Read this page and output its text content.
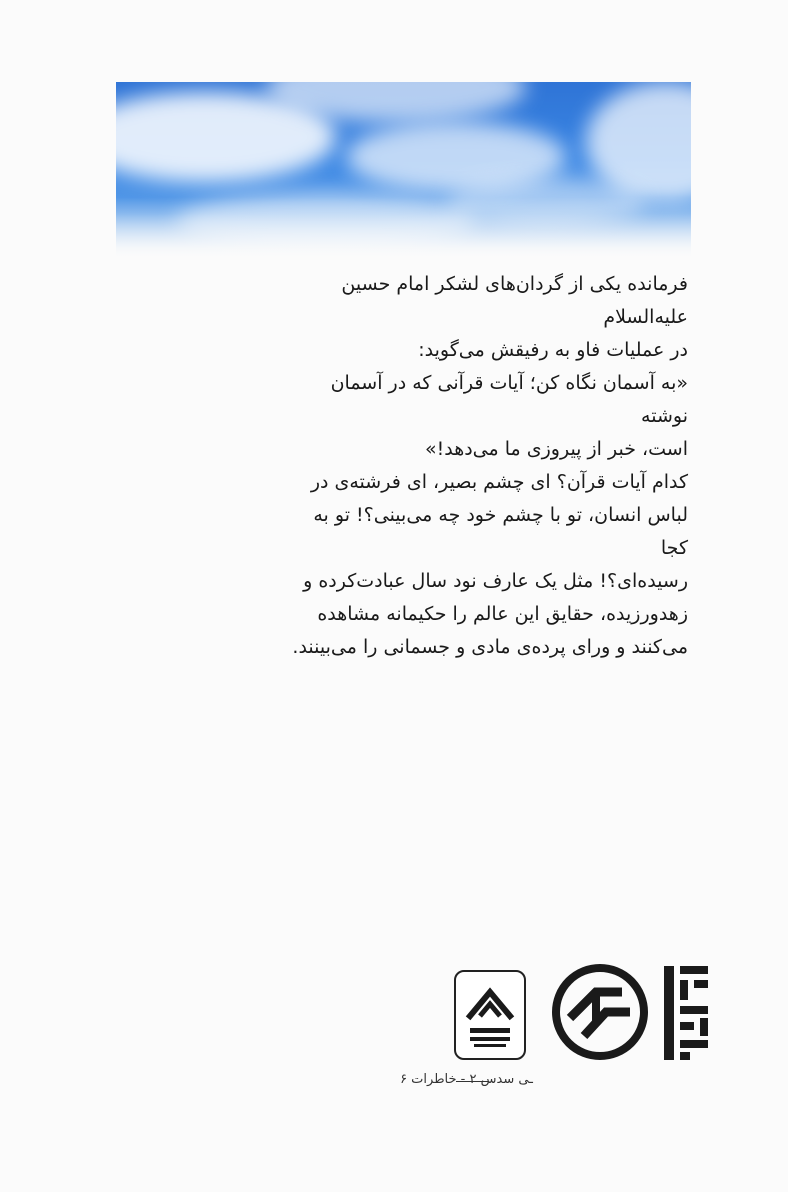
فرمانده یکی از گردان‌های لشکر امام حسین علیه‌السلام

در عملیات فاو به رفیقش می‌گوید:

«به آسمان نگاه کن؛ آیات قرآنی که در آسمان نوشته

است، خبر از پیروزی ما می‌دهد!»

کدام آیات قرآن؟ ای چشم بصیر، ای فرشته‌ی در

لباس انسان، تو با چشم خود چه می‌بینی؟! تو به کجا

رسیده‌ای؟! مثل یک عارف نود سال عبادت‌کرده و

زهدورزیده، حقایق این عالم را حکیمانه مشاهده

می‌کنند و ورای پرده‌ی مادی و جسمانی را می‌بینند.

ـی سدس ۲ - خاطرات ۶
